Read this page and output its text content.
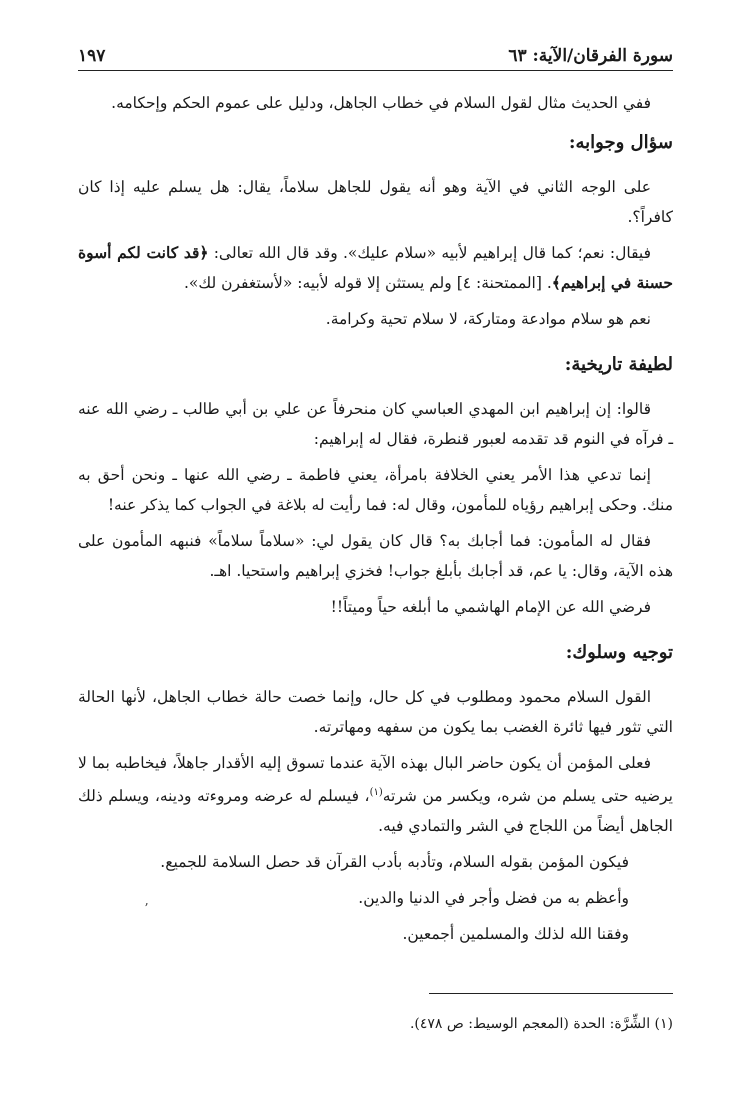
سورة الفرقان/الآية: ٦٣
١٩٧

ففي الحديث مثال لقول السلام في خطاب الجاهل، ودليل على عموم الحكم وإحكامه.

سؤال وجوابه:

على الوجه الثاني في الآية وهو أنه يقول للجاهل سلاماً، يقال: هل يسلم عليه إذا كان كافراً؟.

فيقال: نعم؛ كما قال إبراهيم لأبيه «سلام عليك». وقد قال الله تعالى: ﴿قد كانت لكم أسوة حسنة في إبراهيم﴾. [الممتحنة: ٤] ولم يستثن إلا قوله لأبيه: «لأستغفرن لك».

نعم هو سلام موادعة ومتاركة، لا سلام تحية وكرامة.

لطيفة تاريخية:

قالوا: إن إبراهيم ابن المهدي العباسي كان منحرفاً عن علي بن أبي طالب ـ رضي الله عنه ـ فرآه في النوم قد تقدمه لعبور قنطرة، فقال له إبراهيم:

إنما تدعي هذا الأمر يعني الخلافة بامرأة، يعني فاطمة ـ رضي الله عنها ـ ونحن أحق به منك. وحكى إبراهيم رؤياه للمأمون، وقال له: فما رأيت له بلاغة في الجواب كما يذكر عنه!

فقال له المأمون: فما أجابك به؟ قال كان يقول لي: «سلاماً سلاماً» فنبهه المأمون على هذه الآية، وقال: يا عم، قد أجابك بأبلغ جواب! فخزي إبراهيم واستحيا. اهـ.

فرضي الله عن الإمام الهاشمي ما أبلغه حياً وميتاً!!

توجيه وسلوك:

القول السلام محمود ومطلوب في كل حال، وإنما خصت حالة خطاب الجاهل، لأنها الحالة التي تثور فيها ثائرة الغضب بما يكون من سفهه ومهاترته.

فعلى المؤمن أن يكون حاضر البال بهذه الآية عندما تسوق إليه الأقدار جاهلاً، فيخاطبه بما لا يرضيه حتى يسلم من شره، ويكسر من شرته$^{(١)}$، فيسلم له عرضه ومروءته ودينه، ويسلم ذلك الجاهل أيضاً من اللجاج في الشر والتمادي فيه.

فيكون المؤمن بقوله السلام، وتأدبه بأدب القرآن قد حصل السلامة للجميع.

وأعظم به من فضل وأجر في الدنيا والدين.

وفقنا الله لذلك والمسلمين أجمعين.

ʼ
(١) الشِّرَّة: الحدة (المعجم الوسيط: ص ٤٧٨).
